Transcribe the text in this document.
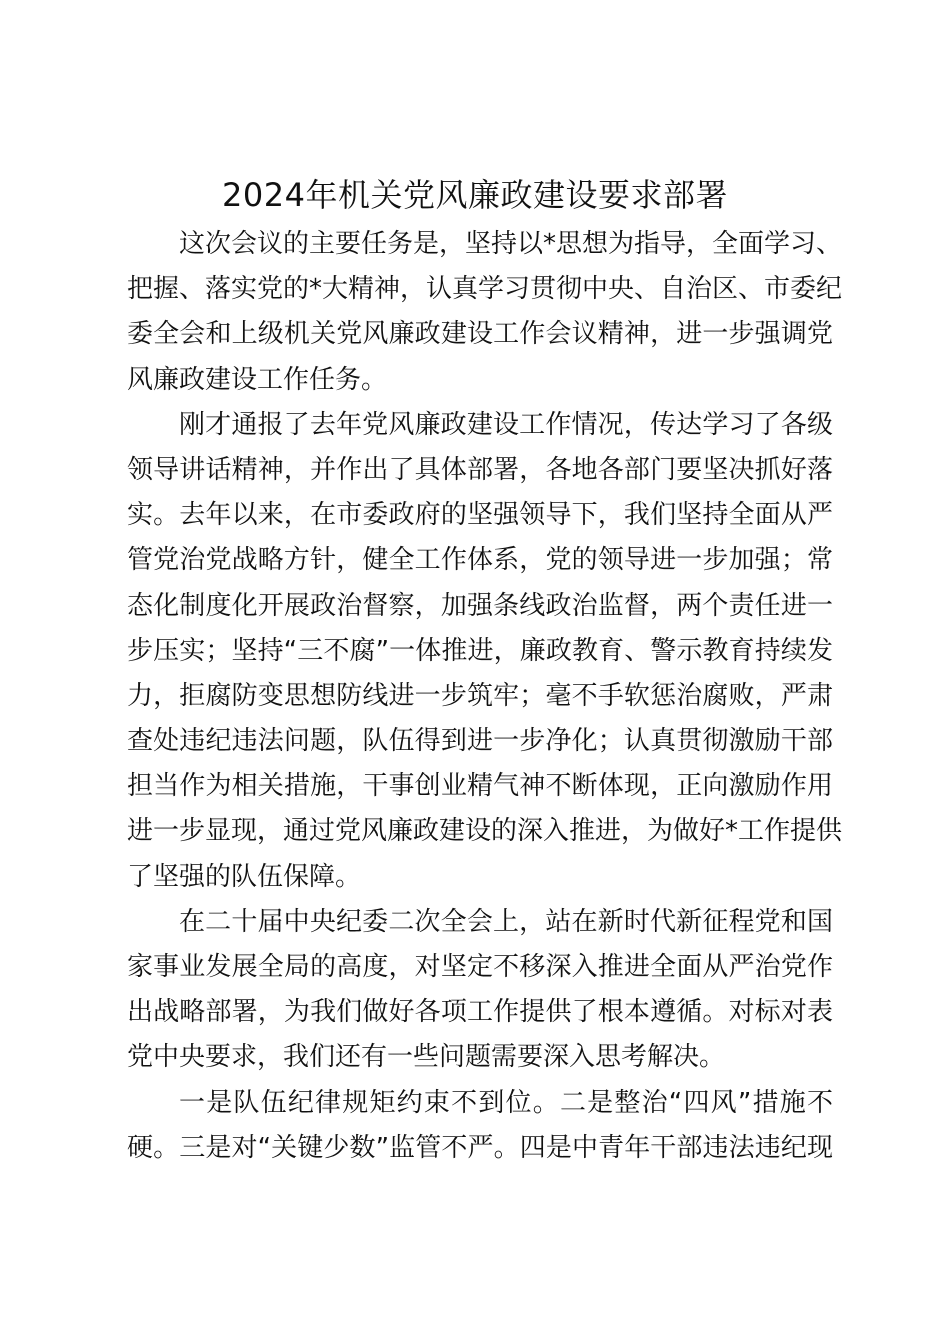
2024年机关党风廉政建设要求部署

这次会议的主要任务是，坚持以*思想为指导，全面学习、
把握、落实党的*大精神，认真学习贯彻中央、自治区、市委纪
委全会和上级机关党风廉政建设工作会议精神，进一步强调党
风廉政建设工作任务。

刚才通报了去年党风廉政建设工作情况，传达学习了各级
领导讲话精神，并作出了具体部署，各地各部门要坚决抓好落
实。去年以来，在市委政府的坚强领导下，我们坚持全面从严
管党治党战略方针，健全工作体系，党的领导进一步加强；常
态化制度化开展政治督察，加强条线政治监督，两个责任进一
步压实；坚持“三不腐”一体推进，廉政教育、警示教育持续发
力，拒腐防变思想防线进一步筑牢；毫不手软惩治腐败，严肃
查处违纪违法问题，队伍得到进一步净化；认真贯彻激励干部
担当作为相关措施，干事创业精气神不断体现，正向激励作用
进一步显现，通过党风廉政建设的深入推进，为做好*工作提供
了坚强的队伍保障。

在二十届中央纪委二次全会上，站在新时代新征程党和国
家事业发展全局的高度，对坚定不移深入推进全面从严治党作
出战略部署，为我们做好各项工作提供了根本遵循。对标对表
党中央要求，我们还有一些问题需要深入思考解决。

一是队伍纪律规矩约束不到位。二是整治“四风”措施不
硬。三是对“关键少数”监管不严。四是中青年干部违法违纪现
